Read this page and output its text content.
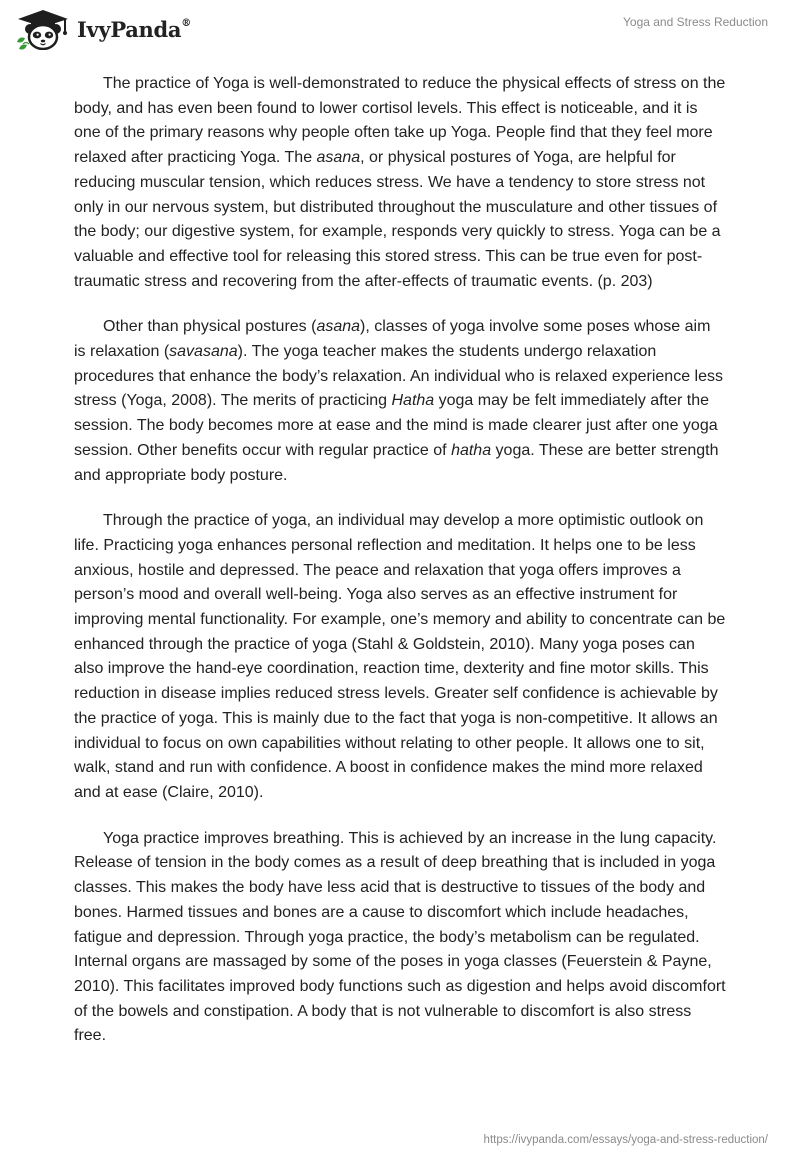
IvyPanda®	Yoga and Stress Reduction

The practice of Yoga is well-demonstrated to reduce the physical effects of stress on the body, and has even been found to lower cortisol levels. This effect is noticeable, and it is one of the primary reasons why people often take up Yoga. People find that they feel more relaxed after practicing Yoga. The asana, or physical postures of Yoga, are helpful for reducing muscular tension, which reduces stress. We have a tendency to store stress not only in our nervous system, but distributed throughout the musculature and other tissues of the body; our digestive system, for example, responds very quickly to stress. Yoga can be a valuable and effective tool for releasing this stored stress. This can be true even for post-traumatic stress and recovering from the after-effects of traumatic events. (p. 203)

Other than physical postures (asana), classes of yoga involve some poses whose aim is relaxation (savasana). The yoga teacher makes the students undergo relaxation procedures that enhance the body’s relaxation. An individual who is relaxed experience less stress (Yoga, 2008). The merits of practicing Hatha yoga may be felt immediately after the session. The body becomes more at ease and the mind is made clearer just after one yoga session. Other benefits occur with regular practice of hatha yoga. These are better strength and appropriate body posture.

Through the practice of yoga, an individual may develop a more optimistic outlook on life. Practicing yoga enhances personal reflection and meditation. It helps one to be less anxious, hostile and depressed. The peace and relaxation that yoga offers improves a person’s mood and overall well-being. Yoga also serves as an effective instrument for improving mental functionality. For example, one’s memory and ability to concentrate can be enhanced through the practice of yoga (Stahl & Goldstein, 2010). Many yoga poses can also improve the hand-eye coordination, reaction time, dexterity and fine motor skills. This reduction in disease implies reduced stress levels. Greater self confidence is achievable by the practice of yoga. This is mainly due to the fact that yoga is non-competitive. It allows an individual to focus on own capabilities without relating to other people. It allows one to sit, walk, stand and run with confidence. A boost in confidence makes the mind more relaxed and at ease (Claire, 2010).

Yoga practice improves breathing. This is achieved by an increase in the lung capacity. Release of tension in the body comes as a result of deep breathing that is included in yoga classes. This makes the body have less acid that is destructive to tissues of the body and bones. Harmed tissues and bones are a cause to discomfort which include headaches, fatigue and depression. Through yoga practice, the body’s metabolism can be regulated. Internal organs are massaged by some of the poses in yoga classes (Feuerstein & Payne, 2010). This facilitates improved body functions such as digestion and helps avoid discomfort of the bowels and constipation. A body that is not vulnerable to discomfort is also stress free.

https://ivypanda.com/essays/yoga-and-stress-reduction/
